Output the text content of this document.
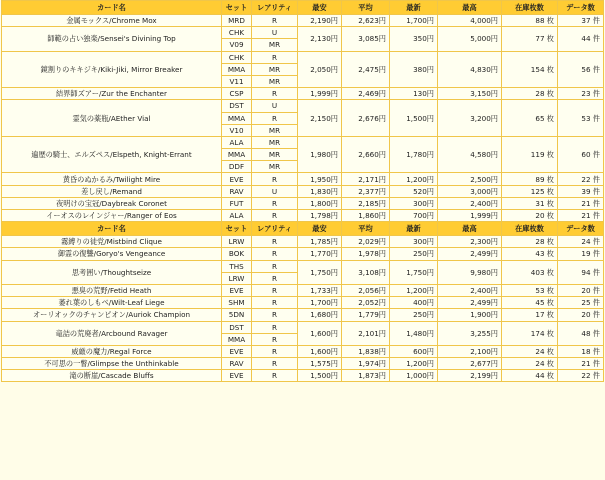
カード名	セット	レアリティ	最安	平均	最新	最高	在庫枚数	データ数
金属モックス/Chrome Mox	MRD	R	2,190円	2,623円	1,700円	4,000円	88 枚	37 件
師範の占い独楽/Sensei's Divining Top	CHK	U	2,130円	3,085円	350円	5,000円	77 枚	44 件
	V09	MR						
鏡割りのキキジキ/Kiki-Jiki, Mirror Breaker	CHK	R	2,050円	2,475円	380円	4,830円	154 枚	56 件
	MMA	MR						
	V11	MR						
結界師ズアー/Zur the Enchanter	CSP	R	1,999円	2,469円	130円	3,150円	28 枚	23 件
霊気の薬瓶/AEther Vial	DST	U	2,150円	2,676円	1,500円	3,200円	65 枚	53 件
	MMA	R						
	V10	MR						
遍歴の騎士、エルズペス/Elspeth, Knight-Errant	ALA	MR	1,980円	2,660円	1,780円	4,580円	119 枚	60 件
	MMA	MR						
	DDF	MR						
黄昏のぬかるみ/Twilight Mire	EVE	R	1,950円	2,171円	1,200円	2,500円	89 枚	22 件
差し戻し/Remand	RAV	U	1,830円	2,377円	520円	3,000円	125 枚	39 件
夜明けの宝冠/Daybreak Coronet	FUT	R	1,800円	2,185円	300円	2,400円	31 枚	21 件
イーオスのレインジャー/Ranger of Eos	ALA	R	1,798円	1,860円	700円	1,999円	20 枚	21 件
カード名	セット	レアリティ	最安	平均	最新	最高	在庫枚数	データ数
霧縛りの徒党/Mistbind Clique	LRW	R	1,785円	2,029円	300円	2,300円	28 枚	24 件
御霊の復讐/Goryo's Vengeance	BOK	R	1,770円	1,978円	250円	2,499円	43 枚	19 件
思考囲い/Thoughtseize	THS	R	1,750円	3,108円	1,750円	9,980円	403 枚	94 件
	LRW	R						
悪臭の荒野/Fetid Heath	EVE	R	1,733円	2,056円	1,200円	2,400円	53 枚	20 件
萎れ葉のしもべ/Wilt-Leaf Liege	SHM	R	1,700円	2,052円	400円	2,499円	45 枚	25 件
オーリオックのチャンピオン/Auriok Champion	5DN	R	1,680円	1,779円	250円	1,900円	17 枚	20 件
竜詰の荒廃者/Arcbound Ravager	DST	R	1,600円	2,101円	1,480円	3,255円	174 枚	48 件
	MMA	R						
威厳の魔力/Regal Force	EVE	R	1,600円	1,838円	600円	2,100円	24 枚	18 件
不可思の一瞥/Glimpse the Unthinkable	RAV	R	1,575円	1,974円	1,200円	2,677円	24 枚	21 件
滝の断崖/Cascade Bluffs	EVE	R	1,500円	1,873円	1,000円	2,199円	44 枚	22 件
